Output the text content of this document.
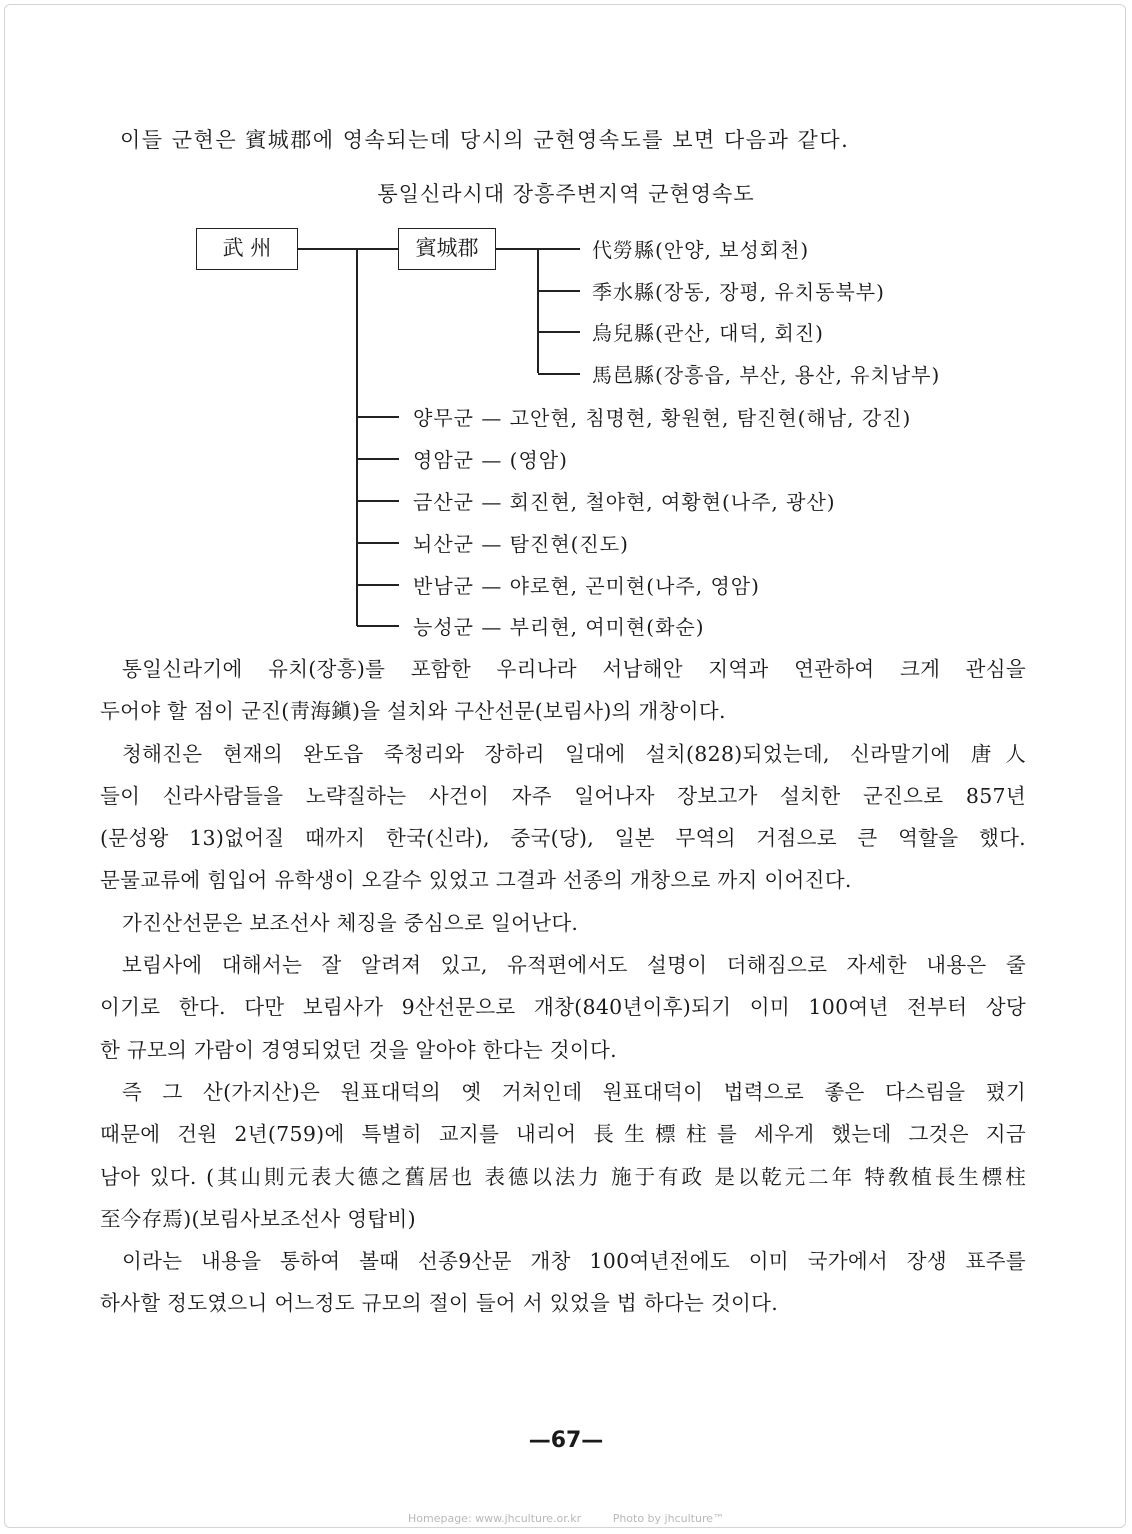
이들 군현은 賓城郡에 영속되는데 당시의 군현영속도를 보면 다음과 같다.
통일신라시대 장흥주변지역 군현영속도
武 州	賓城郡	代勞縣(안양, 보성회천)
季水縣(장동, 장평, 유치동북부)
烏兒縣(관산, 대덕, 회진)
馬邑縣(장흥읍, 부산, 용산, 유치남부)
양무군 — 고안현, 침명현, 황원현, 탐진현(해남, 강진)
영암군 — (영암)
금산군 — 회진현, 철야현, 여황현(나주, 광산)
뇌산군 — 탐진현(진도)
반남군 — 야로현, 곤미현(나주, 영암)
능성군 — 부리현, 여미현(화순)

통일신라기에 유치(장흥)를 포함한 우리나라 서남해안 지역과 연관하여 크게 관심을

두어야 할 점이 군진(靑海鎭)을 설치와 구산선문(보림사)의 개창이다.

청해진은 현재의 완도읍 죽청리와 장하리 일대에 설치(828)되었는데, 신라말기에 唐人

들이 신라사람들을 노략질하는 사건이 자주 일어나자 장보고가 설치한 군진으로 857년

(문성왕 13)없어질 때까지 한국(신라), 중국(당), 일본 무역의 거점으로 큰 역할을 했다.

문물교류에 힘입어 유학생이 오갈수 있었고 그결과 선종의 개창으로 까지 이어진다.

가진산선문은 보조선사 체징을 중심으로 일어난다.

보림사에 대해서는 잘 알려져 있고, 유적편에서도 설명이 더해짐으로 자세한 내용은 줄

이기로 한다. 다만 보림사가 9산선문으로 개창(840년이후)되기 이미 100여년 전부터 상당

한 규모의 가람이 경영되었던 것을 알아야 한다는 것이다.

즉 그 산(가지산)은 원표대덕의 옛 거처인데 원표대덕이 법력으로 좋은 다스림을 폈기

때문에 건원 2년(759)에 특별히 교지를 내리어 長生標柱를 세우게 했는데 그것은 지금

남아 있다. (其山則元表大德之舊居也 表德以法力 施于有政 是以乾元二年 特敎植長生標柱

至今存焉)(보림사보조선사 영탑비)

이라는 내용을 통하여 볼때 선종9산문 개창 100여년전에도 이미 국가에서 장생 표주를

하사할 정도였으니 어느정도 규모의 절이 들어 서 있었을 법 하다는 것이다.

—67—
Homepage: www.jhculture.or.kr	Photo by jhculture™
